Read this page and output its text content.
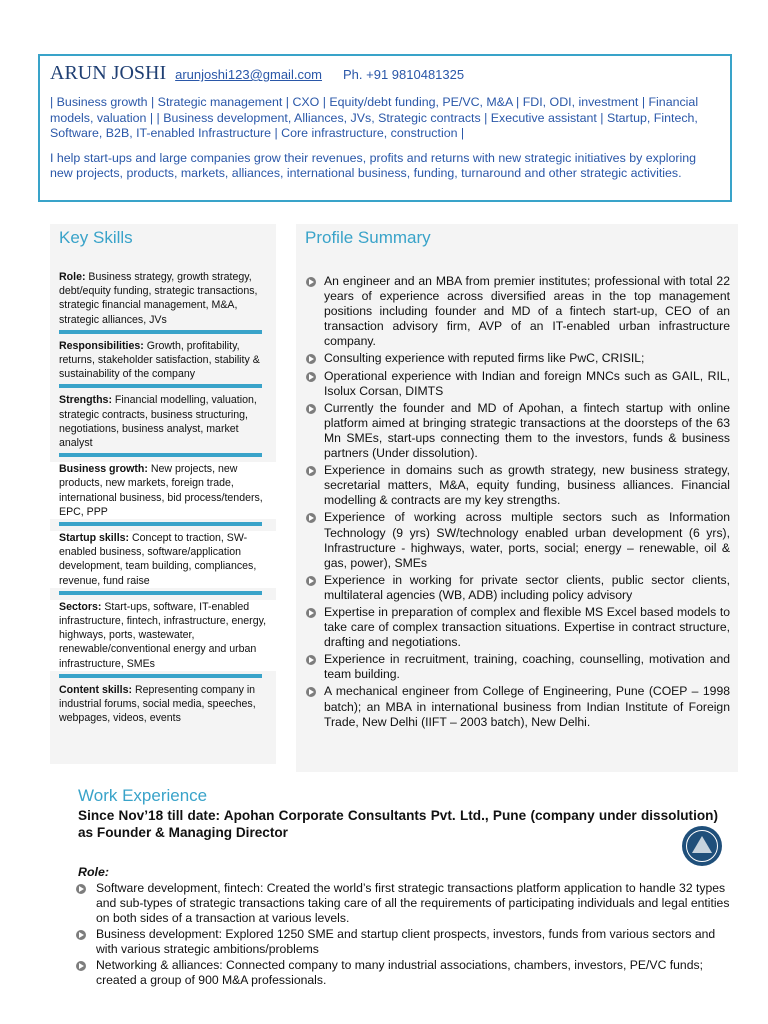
ARUN JOSHI arunjoshi123@gmail.com Ph. +91 9810481325
| Business growth | Strategic management | CXO | Equity/debt funding, PE/VC, M&A | FDI, ODI, investment | Financial models, valuation | | Business development, Alliances, JVs, Strategic contracts | Executive assistant | Startup, Fintech, Software, B2B, IT-enabled Infrastructure | Core infrastructure, construction |
I help start-ups and large companies grow their revenues, profits and returns with new strategic initiatives by exploring new projects, products, markets, alliances, international business, funding, turnaround and other strategic activities.
Key Skills
Role: Business strategy, growth strategy, debt/equity funding, strategic transactions, strategic financial management, M&A, strategic alliances, JVs
Responsibilities: Growth, profitability, returns, stakeholder satisfaction, stability & sustainability of the company
Strengths: Financial modelling, valuation, strategic contracts, business structuring, negotiations, business analyst, market analyst
Business growth: New projects, new products, new markets, foreign trade, international business, bid process/tenders, EPC, PPP
Startup skills: Concept to traction, SW-enabled business, software/application development, team building, compliances, revenue, fund raise
Sectors: Start-ups, software, IT-enabled infrastructure, fintech, infrastructure, energy, highways, ports, wastewater, renewable/conventional energy and urban infrastructure, SMEs
Content skills: Representing company in industrial forums, social media, speeches, webpages, videos, events
Profile Summary
An engineer and an MBA from premier institutes; professional with total 22 years of experience across diversified areas in the top management positions including founder and MD of a fintech start-up, CEO of an transaction advisory firm, AVP of an IT-enabled urban infrastructure company.
Consulting experience with reputed firms like PwC, CRISIL;
Operational experience with Indian and foreign MNCs such as GAIL, RIL, Isolux Corsan, DIMTS
Currently the founder and MD of Apohan, a fintech startup with online platform aimed at bringing strategic transactions at the doorsteps of the 63 Mn SMEs, start-ups connecting them to the investors, funds & business partners (Under dissolution).
Experience in domains such as growth strategy, new business strategy, secretarial matters, M&A, equity funding, business alliances. Financial modelling & contracts are my key strengths.
Experience of working across multiple sectors such as Information Technology (9 yrs) SW/technology enabled urban development (6 yrs), Infrastructure - highways, water, ports, social; energy – renewable, oil & gas, power), SMEs
Experience in working for private sector clients, public sector clients, multilateral agencies (WB, ADB) including policy advisory
Expertise in preparation of complex and flexible MS Excel based models to take care of complex transaction situations. Expertise in contract structure, drafting and negotiations.
Experience in recruitment, training, coaching, counselling, motivation and team building.
A mechanical engineer from College of Engineering, Pune (COEP – 1998 batch); an MBA in international business from Indian Institute of Foreign Trade, New Delhi (IIFT – 2003 batch), New Delhi.
Work Experience
Since Nov’18 till date: Apohan Corporate Consultants Pvt. Ltd., Pune (company under dissolution) as Founder & Managing Director
Role:
Software development, fintech: Created the world’s first strategic transactions platform application to handle 32 types and sub-types of strategic transactions taking care of all the requirements of participating individuals and legal entities on both sides of a transaction at various levels.
Business development: Explored 1250 SME and startup client prospects, investors, funds from various sectors and with various strategic ambitions/problems
Networking & alliances: Connected company to many industrial associations, chambers, investors, PE/VC funds; created a group of 900 M&A professionals.
